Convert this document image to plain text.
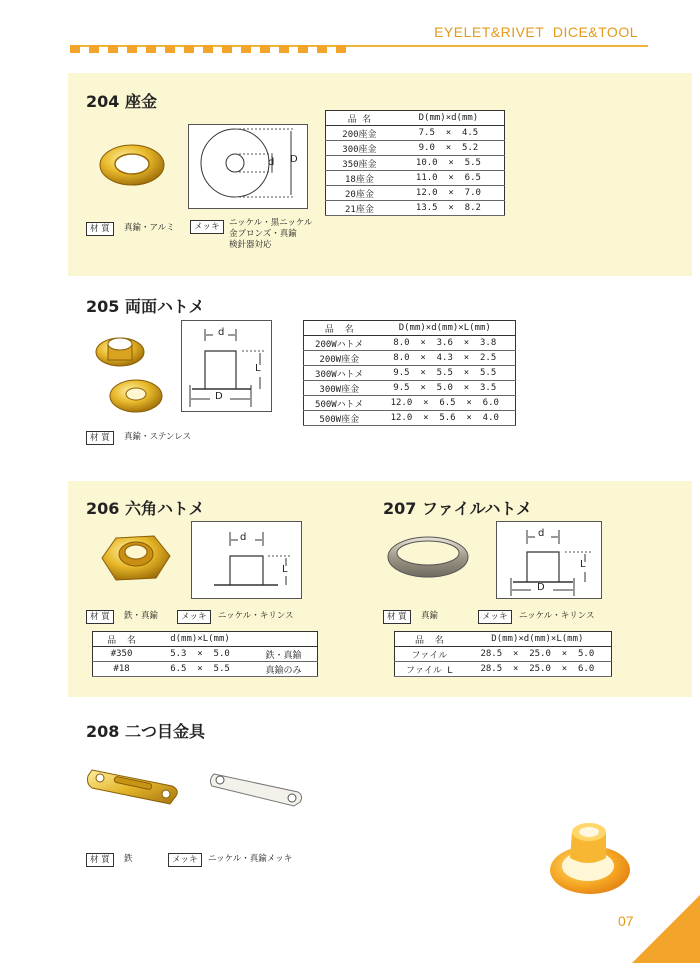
EYELET&RIVET  DICE&TOOL
204 座金
d D
品 名	D(mm)×d(mm)
200座金	7.5  ×  4.5
300座金	9.0  ×  5.2
350座金	10.0  ×  5.5
18座金	11.0  ×  6.5
20座金	12.0  ×  7.0
21座金	13.5  ×  8.2
材 質	真鍮・アルミ	メッキ	ニッケル・黒ニッケル
金ブロンズ・真鍮
検針器対応
205 両面ハトメ
d
L
D
品  名	D(mm)×d(mm)×L(mm)
200Wハトメ	8.0  ×  3.6  ×  3.8
200W座金	8.0  ×  4.3  ×  2.5
300Wハトメ	9.5  ×  5.5  ×  5.5
300W座金	9.5  ×  5.0  ×  3.5
500Wハトメ	12.0  ×  6.5  ×  6.0
500W座金	12.0  ×  5.6  ×  4.0
材 質	真鍮・ステンレス
206 六角ハトメ
d
L
材 質	鉄・真鍮	メッキ	ニッケル・キリンス
品  名	d(mm)×L(mm)	
#350	5.3  ×  5.0	鉄・真鍮
#18	6.5  ×  5.5	真鍮のみ
207 ファイルハトメ
d
L
D
材 質	真鍮	メッキ	ニッケル・キリンス
品  名	D(mm)×d(mm)×L(mm)
ファイル	28.5  ×  25.0  ×  5.0
ファイル L	28.5  ×  25.0  ×  6.0
208 二つ目金具
材 質	鉄	メッキ	ニッケル・真鍮メッキ
07
